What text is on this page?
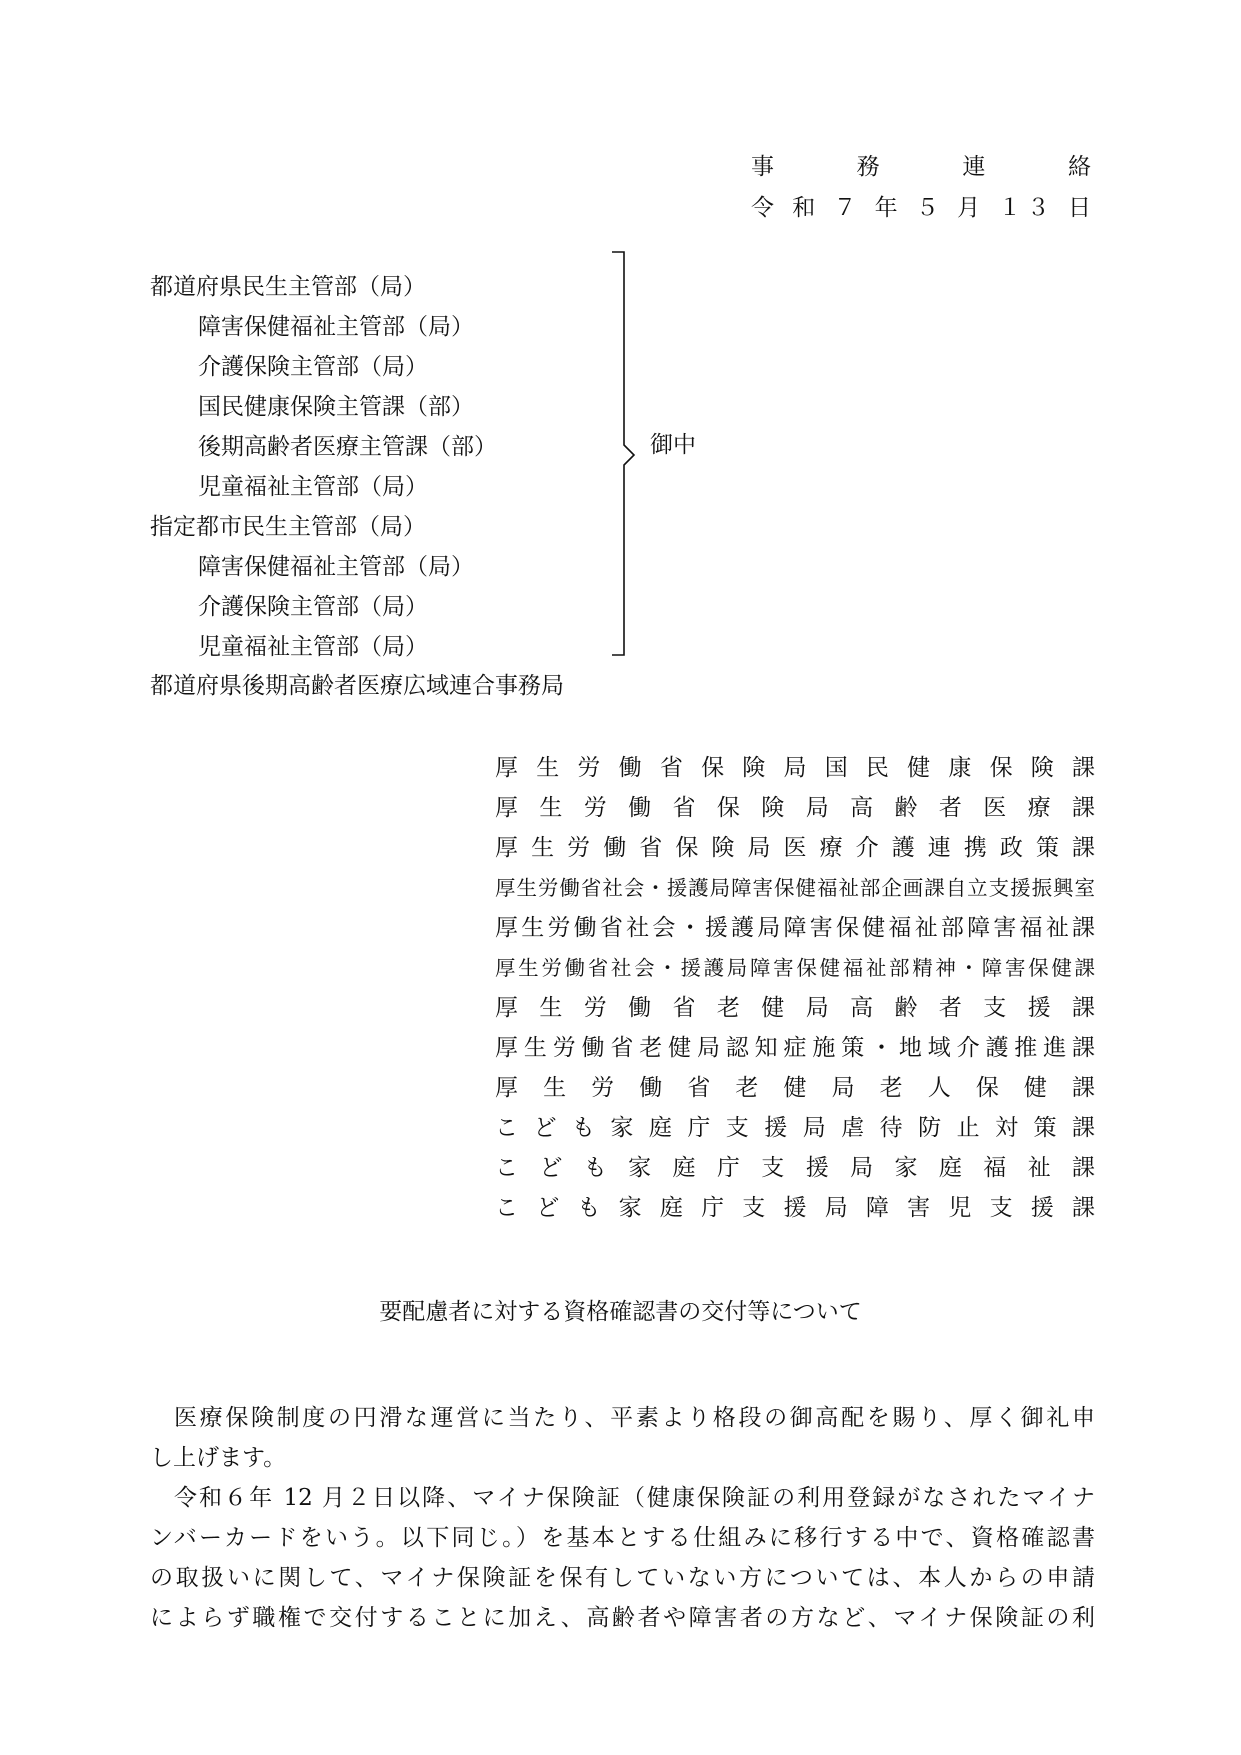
事　務　連　絡
令 和 ７ 年 ５ 月 １３ 日
都道府県民生主管部（局）
障害保健福祉主管部（局）
介護保険主管部（局）
国民健康保険主管課（部）
後期高齢者医療主管課（部）
児童福祉主管部（局）
指定都市民生主管部（局）
障害保健福祉主管部（局）
介護保険主管部（局）
児童福祉主管部（局）
都道府県後期高齢者医療広域連合事務局
御中
厚生労働省保険局国民健康保険課
厚生労働省保険局高齢者医療課
厚生労働省保険局医療介護連携政策課
厚生労働省社会・援護局障害保健福祉部企画課自立支援振興室
厚生労働省社会・援護局障害保健福祉部障害福祉課
厚生労働省社会・援護局障害保健福祉部精神・障害保健課
厚生労働省老健局高齢者支援課
厚生労働省老健局認知症施策・地域介護推進課
厚生労働省老健局老人保健課
こども家庭庁支援局虐待防止対策課
こども家庭庁支援局家庭福祉課
こども家庭庁支援局障害児支援課
要配慮者に対する資格確認書の交付等について
医療保険制度の円滑な運営に当たり、平素より格段の御高配を賜り、厚く御礼申
し上げます。
令和６年 12 月２日以降、マイナ保険証（健康保険証の利用登録がなされたマイナ
ンバーカードをいう。以下同じ。）を基本とする仕組みに移行する中で、資格確認書
の取扱いに関して、マイナ保険証を保有していない方については、本人からの申請
によらず職権で交付することに加え、高齢者や障害者の方など、マイナ保険証の利
